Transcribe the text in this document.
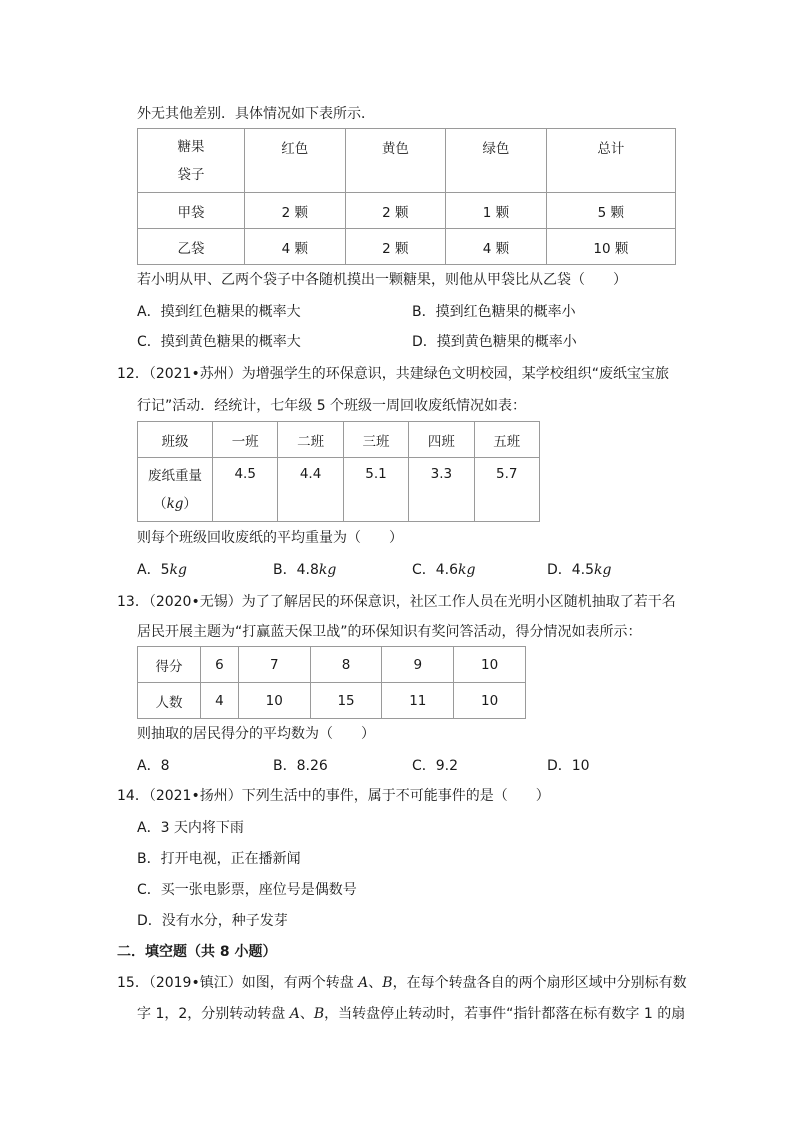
外无其他差别．具体情况如下表所示．
糖果
袋子	红色	黄色	绿色	总计
甲袋	2 颗	2 颗	1 颗	5 颗
乙袋	4 颗	2 颗	4 颗	10 颗
若小明从甲、乙两个袋子中各随机摸出一颗糖果，则他从甲袋比从乙袋（　　）
A．摸到红色糖果的概率大	B．摸到红色糖果的概率小
C．摸到黄色糖果的概率大	D．摸到黄色糖果的概率小
12．（2021•苏州）为增强学生的环保意识，共建绿色文明校园，某学校组织“废纸宝宝旅
行记”活动．经统计，七年级 5 个班级一周回收废纸情况如表：
班级	一班	二班	三班	四班	五班

废纸重量
（kg）	4.5	4.4	5.1	3.3	5.7
则每个班级回收废纸的平均重量为（　　）
A．5kg	B．4.8kg	C．4.6kg	D．4.5kg
13．（2020•无锡）为了了解居民的环保意识，社区工作人员在光明小区随机抽取了若干名
居民开展主题为“打赢蓝天保卫战”的环保知识有奖问答活动，得分情况如表所示：
得分	6	7	8	9	10
人数	4	10	15	11	10
则抽取的居民得分的平均数为（　　）
A．8	B．8.26	C．9.2	D．10
14．（2021•扬州）下列生活中的事件，属于不可能事件的是（　　）
A．3 天内将下雨
B．打开电视，正在播新闻
C．买一张电影票，座位号是偶数号
D．没有水分，种子发芽
二．填空题（共 8 小题）
15．（2019•镇江）如图，有两个转盘 A、B，在每个转盘各自的两个扇形区域中分别标有数
字 1，2，分别转动转盘 A、B，当转盘停止转动时，若事件“指针都落在标有数字 1 的扇
